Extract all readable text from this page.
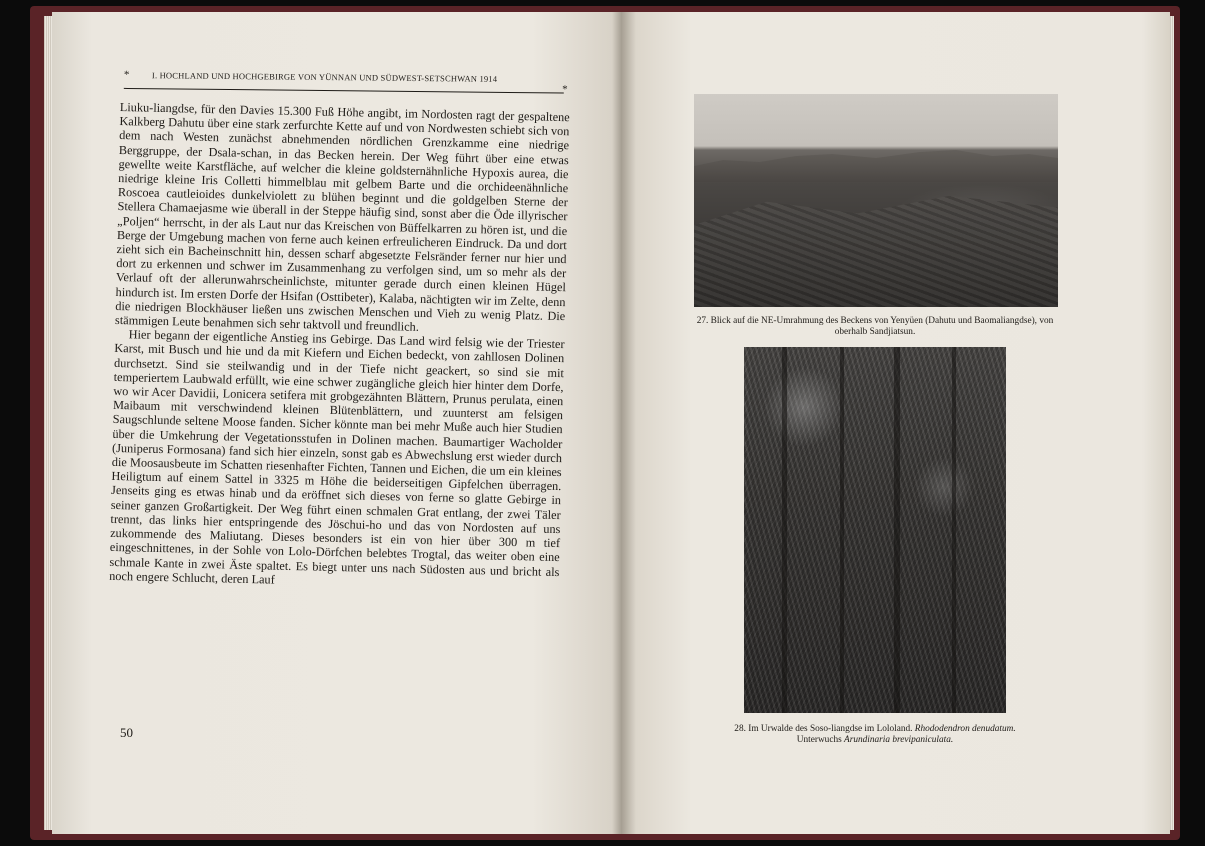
*	I. HOCHLAND UND HOCHGEBIRGE VON YÜNNAN UND SÜDWEST-SETSCHWAN 1914
*

Liuku-liangdse, für den Davies 15.300 Fuß Höhe angibt, im Nordosten ragt der gespaltene Kalkberg Dahutu über eine stark zerfurchte Kette auf und von Nordwesten schiebt sich von dem nach Westen zunächst abnehmenden nördlichen Grenzkamme eine niedrige Berggruppe, der Dsala-schan, in das Becken herein. Der Weg führt über eine etwas gewellte weite Karstfläche, auf welcher die kleine goldsternähnliche Hypoxis aurea, die niedrige kleine Iris Colletti himmelblau mit gelbem Barte und die orchideenähnliche Roscoea cautleioides dunkelviolett zu blühen beginnt und die goldgelben Sterne der Stellera Chamaejasme wie überall in der Steppe häufig sind, sonst aber die Öde illyrischer „Poljen“ herrscht, in der als Laut nur das Kreischen von Büffelkarren zu hören ist, und die Berge der Umgebung machen von ferne auch keinen erfreulicheren Eindruck. Da und dort zieht sich ein Bacheinschnitt hin, dessen scharf abgesetzte Felsränder ferner nur hier und dort zu erkennen und schwer im Zusammenhang zu verfolgen sind, um so mehr als der Verlauf oft der allerunwahrscheinlichste, mitunter gerade durch einen kleinen Hügel hindurch ist. Im ersten Dorfe der Hsifan (Osttibeter), Kalaba, nächtigten wir im Zelte, denn die niedrigen Blockhäuser ließen uns zwischen Menschen und Vieh zu wenig Platz. Die stämmigen Leute benahmen sich sehr taktvoll und freundlich.

Hier begann der eigentliche Anstieg ins Gebirge. Das Land wird felsig wie der Triester Karst, mit Busch und hie und da mit Kiefern und Eichen bedeckt, von zahllosen Dolinen durchsetzt. Sind sie steilwandig und in der Tiefe nicht geackert, so sind sie mit temperiertem Laubwald erfüllt, wie eine schwer zugängliche gleich hier hinter dem Dorfe, wo wir Acer Davidii, Lonicera setifera mit grobgezähnten Blättern, Prunus perulata, einen Maibaum mit verschwindend kleinen Blütenblättern, und zuunterst am felsigen Saugschlunde seltene Moose fanden. Sicher könnte man bei mehr Muße auch hier Studien über die Umkehrung der Vegetationsstufen in Dolinen machen. Baumartiger Wacholder (Juniperus Formosana) fand sich hier einzeln, sonst gab es Abwechslung erst wieder durch die Moosausbeute im Schatten riesenhafter Fichten, Tannen und Eichen, die um ein kleines Heiligtum auf einem Sattel in 3325 m Höhe die beiderseitigen Gipfelchen überragen. Jenseits ging es etwas hinab und da eröffnet sich dieses von ferne so glatte Gebirge in seiner ganzen Großartigkeit. Der Weg führt einen schmalen Grat entlang, der zwei Täler trennt, das links hier entspringende des Jöschui-ho und das von Nordosten auf uns zukommende des Maliutang. Dieses besonders ist ein von hier über 300 m tief eingeschnittenes, in der Sohle von Lolo-Dörfchen belebtes Trogtal, das weiter oben eine schmale Kante in zwei Äste spaltet. Es biegt unter uns nach Südosten aus und bricht als noch engere Schlucht, deren Lauf

50
27. Blick auf die NE-Umrahmung des Beckens von Yenyüen (Dahutu und Baomaliangdse), von oberhalb Sandjiatsun.
28. Im Urwalde des Soso-liangdse im Lololand. Rhododendron denudatum. Unterwuchs Arundinaria brevipaniculata.
